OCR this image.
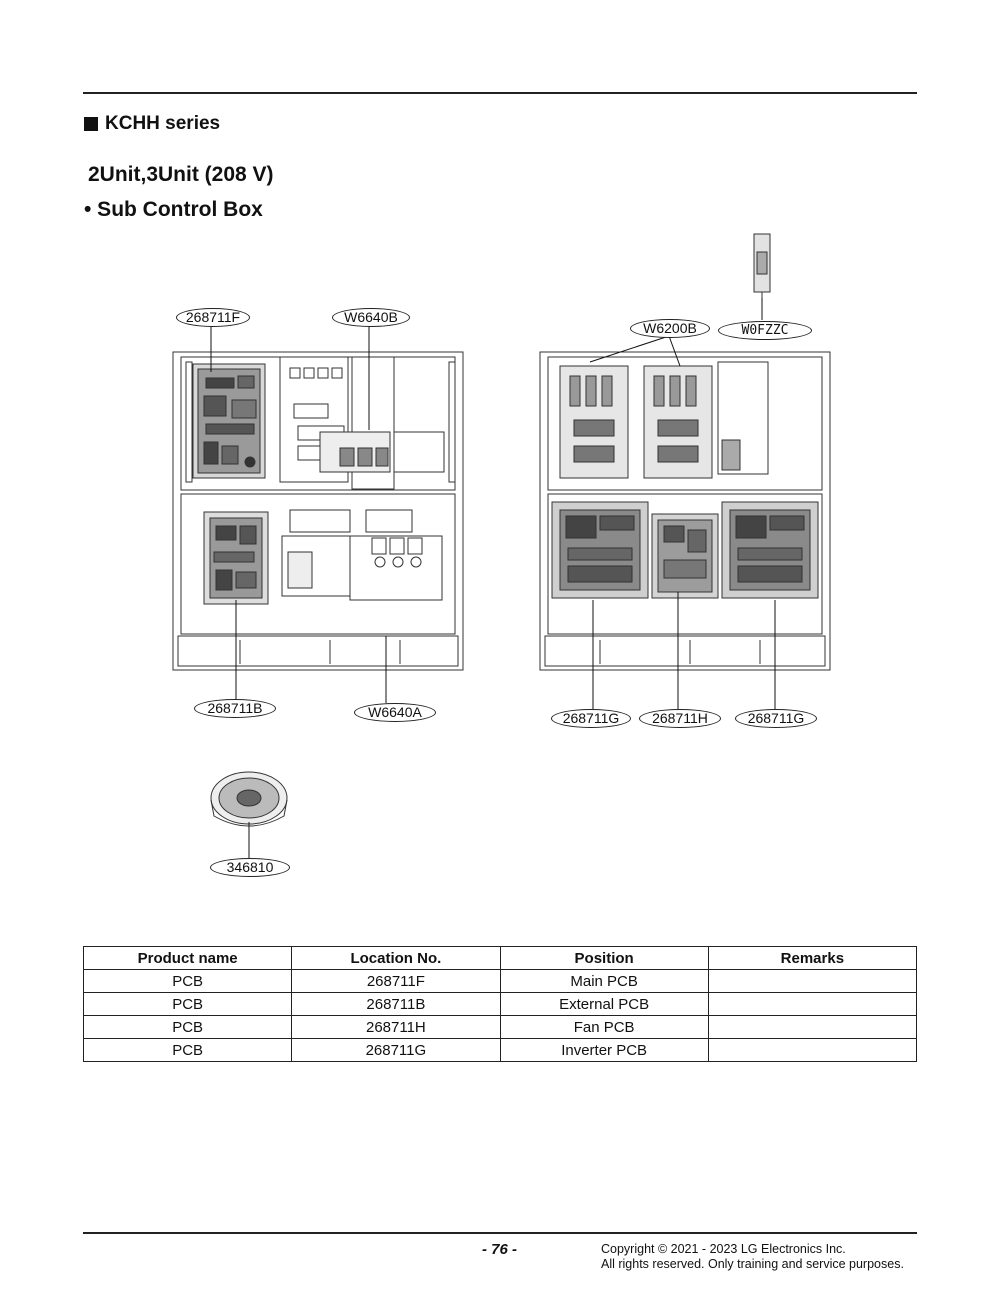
KCHH series
2Unit,3Unit (208 V)
• Sub Control Box
268711F	W6640B
W6200B	W0FZZC
268711B	W6640A	268711G	268711H	268711G
346810
Product name	Location No.	Position	Remarks
PCB	268711F	Main PCB	
PCB	268711B	External PCB	
PCB	268711H	Fan PCB	
PCB	268711G	Inverter PCB	
- 76 -	Copyright © 2021 - 2023 LG Electronics Inc.
All rights reserved. Only training and service purposes.
